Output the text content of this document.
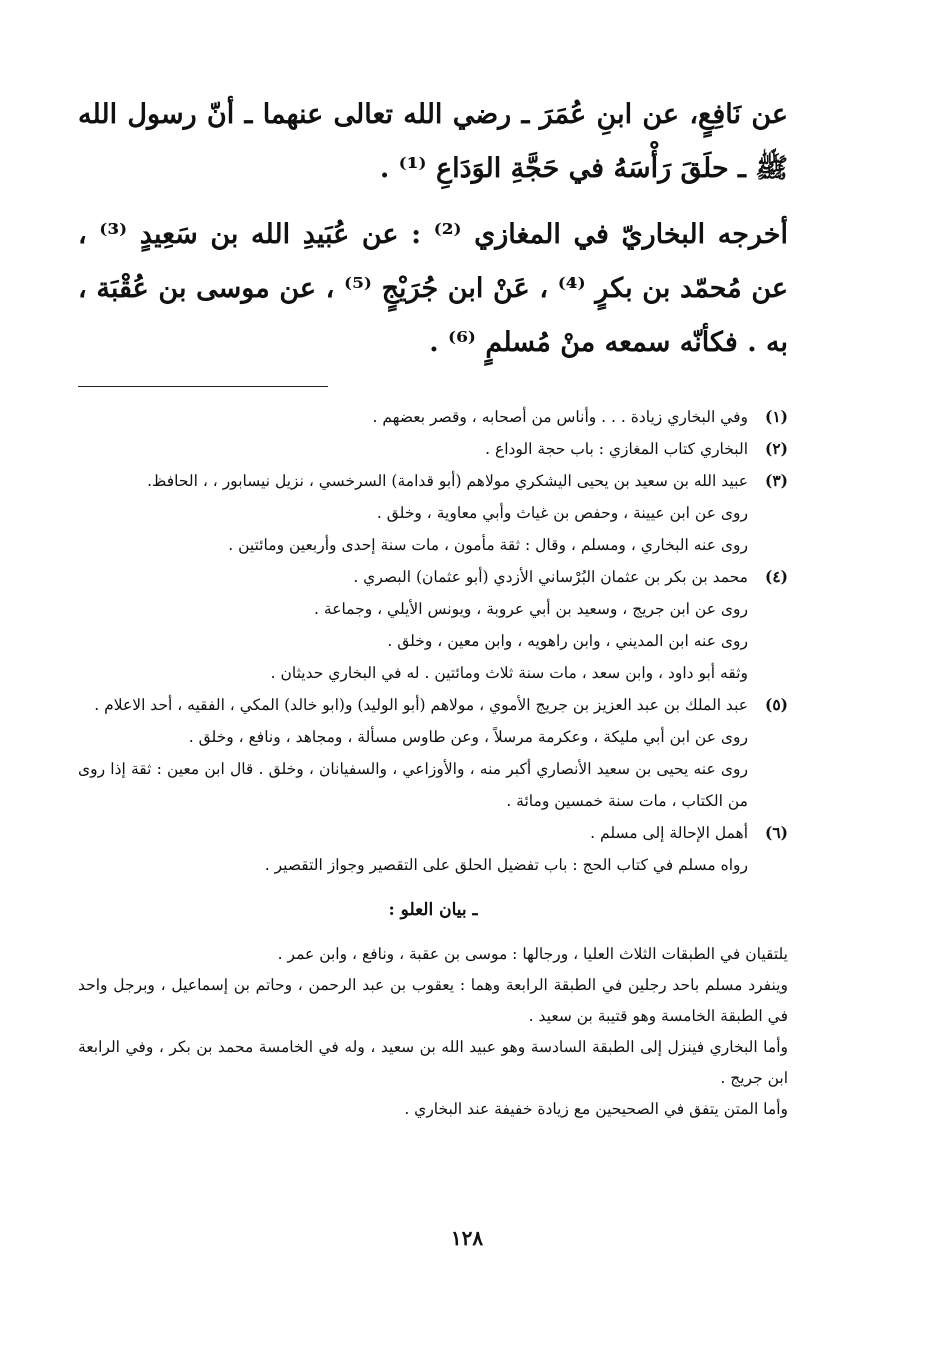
عن نَافِعٍ، عن ابنِ عُمَرَ ـ رضي الله تعالى عنهما ـ أنّ رسول الله ﷺ ـ حلَقَ رَأْسَهُ في حَجَّةِ الوَدَاعِ ⁽¹⁾ .

أخرجه البخاريّ في المغازي ⁽²⁾ : عن عُبَيدِ الله بن سَعِيدٍ ⁽³⁾ ، عن مُحمّد بن بكرٍ ⁽⁴⁾ ، عَنْ ابن جُرَيْجٍ ⁽⁵⁾ ، عن موسى بن عُقْبَة ، به . فكأنّه سمعه منْ مُسلمٍ ⁽⁶⁾ .

(١)
وفي البخاري زيادة . . . وأناس من أصحابه ، وقصر بعضهم .
(٢)
البخاري كتاب المغازي : باب حجة الوداع .
(٣)
عبيد الله بن سعيد بن يحيى اليشكري مولاهم (أبو قدامة) السرخسي ، نزيل نيسابور ، ، الحافظ.
روى عن ابن عيينة ، وحفص بن غياث وأبي معاوية ، وخلق .
روى عنه البخاري ، ومسلم ، وقال : ثقة مأمون ، مات سنة إحدى وأربعين ومائتين .
(٤)
محمد بن بكر بن عثمان البُرْساني الأزدي (أبو عثمان) البصري .
روى عن ابن جريج ، وسعيد بن أبي عروبة ، ويونس الأيلي ، وجماعة .
روى عنه ابن المديني ، وابن راهويه ، وابن معين ، وخلق .
وثقه أبو داود ، وابن سعد ، مات سنة ثلاث ومائتين . له في البخاري حديثان .
(٥)
عبد الملك بن عبد العزيز بن جريج الأموي ، مولاهم (أبو الوليد) و(ابو خالد) المكي ، الفقيه ، أحد الاعلام .
روى عن ابن أبي مليكة ، وعكرمة مرسلاً ، وعن طاوس مسألة ، ومجاهد ، ونافع ، وخلق .
روى عنه يحيى بن سعيد الأنصاري أكبر منه ، والأوزاعي ، والسفيانان ، وخلق . قال ابن معين : ثقة إذا روى من الكتاب ، مات سنة خمسين ومائة .
(٦)
أهمل الإحالة إلى مسلم .
رواه مسلم في كتاب الحج : باب تفضيل الحلق على التقصير وجواز التقصير .
ـ بيان العلو :
يلتقيان في الطبقات الثلاث العليا ، ورجالها : موسى بن عقبة ، ونافع ، وابن عمر .
وينفرد مسلم باحد رجلين في الطبقة الرابعة وهما : يعقوب بن عبد الرحمن ، وحاتم بن إسماعيل ، وبرجل واحد في الطبقة الخامسة وهو قتيبة بن سعيد .
وأما البخاري فينزل إلى الطبقة السادسة وهو عبيد الله بن سعيد ، وله في الخامسة محمد بن بكر ، وفي الرابعة ابن جريج .
وأما المتن يتفق في الصحيحين مع زيادة خفيفة عند البخاري .
١٢٨
